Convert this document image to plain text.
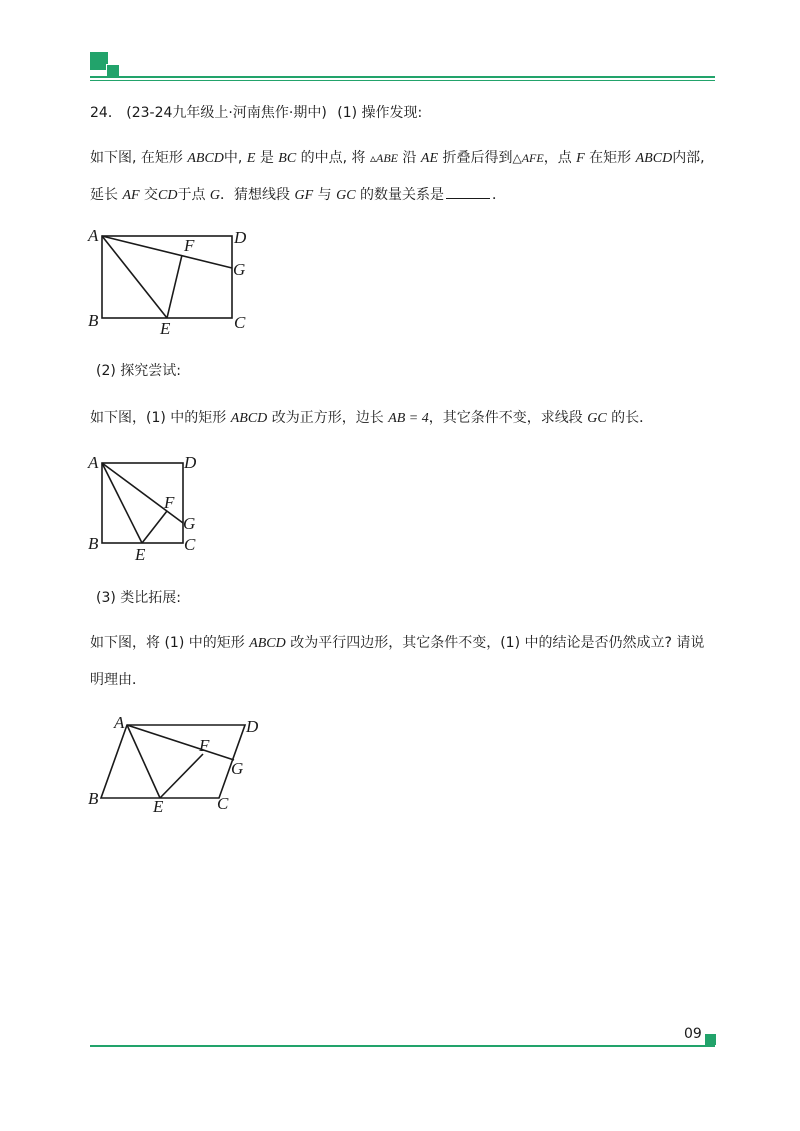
24． (23-24九年级上·河南焦作·期中) (1) 操作发现:
如下图, 在矩形 ABCD中, E 是 BC 的中点, 将 ▵ABE 沿 AE 折叠后得到△AFE，点 F 在矩形 ABCD内部,
延长 AF 交CD于点 G．猜想线段 GF 与 GC 的数量关系是	．
A	D
F
G
B	E	C
(2) 探究尝试:
如下图，(1) 中的矩形 ABCD 改为正方形，边长 AB = 4，其它条件不变，求线段 GC 的长．
A	D
F
G
B
E
C
(3) 类比拓展:
如下图，将 (1) 中的矩形 ABCD 改为平行四边形，其它条件不变，(1) 中的结论是否仍然成立? 请说
明理由．
A	D
F
G
B	E	C
09
